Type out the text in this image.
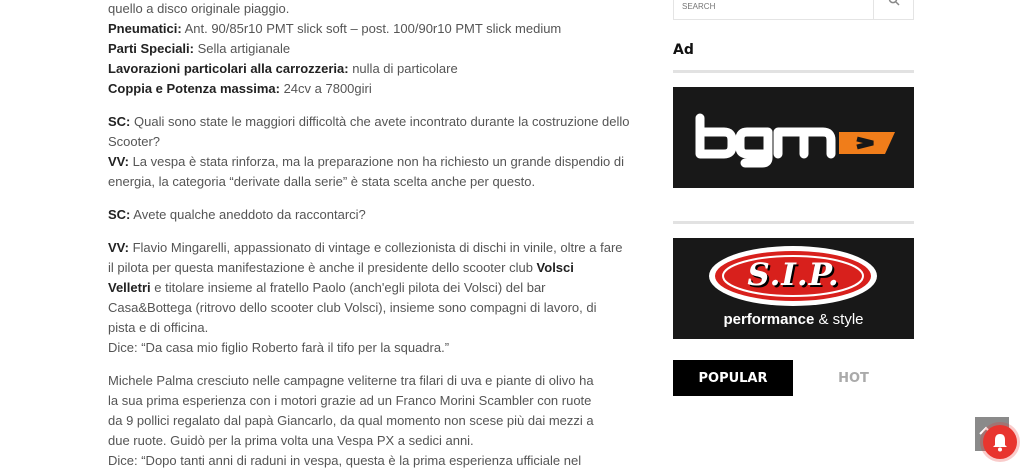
quello a disco originale piaggio.

Pneumatici: Ant. 90/85r10 PMT slick soft – post. 100/90r10 PMT slick medium

Parti Speciali: Sella artigianale

Lavorazioni particolari alla carrozzeria: nulla di particolare

Coppia e Potenza massima: 24cv a 7800giri

SC: Quali sono state le maggiori difficoltà che avete incontrato durante la costruzione dello

Scooter?

VV: La vespa è stata rinforza, ma la preparazione non ha richiesto un grande dispendio di

energia, la categoria “derivate dalla serie” è stata scelta anche per questo.

SC: Avete qualche aneddoto da raccontarci?

VV: Flavio Mingarelli, appassionato di vintage e collezionista di dischi in vinile, oltre a fare

il pilota per questa manifestazione è anche il presidente dello scooter club Volsci

Velletri e titolare insieme al fratello Paolo (anch'egli pilota dei Volsci) del bar

Casa&Bottega (ritrovo dello scooter club Volsci), insieme sono compagni di lavoro, di

pista e di officina.

Dice: “Da casa mio figlio Roberto farà il tifo per la squadra.”

Michele Palma cresciuto nelle campagne veliterne tra filari di uva e piante di olivo ha

la sua prima esperienza con i motori grazie ad un Franco Morini Scambler con ruote

da 9 pollici regalato dal papà Giancarlo, da qual momento non scese più dai mezzi a

due ruote. Guidò per la prima volta una Vespa PX a sedici anni.

Dice: “Dopo tanti anni di raduni in vespa, questa è la prima esperienza ufficiale nel

SEARCH
Ad
S.I.P.
performance & style
POPULAR	HOT
